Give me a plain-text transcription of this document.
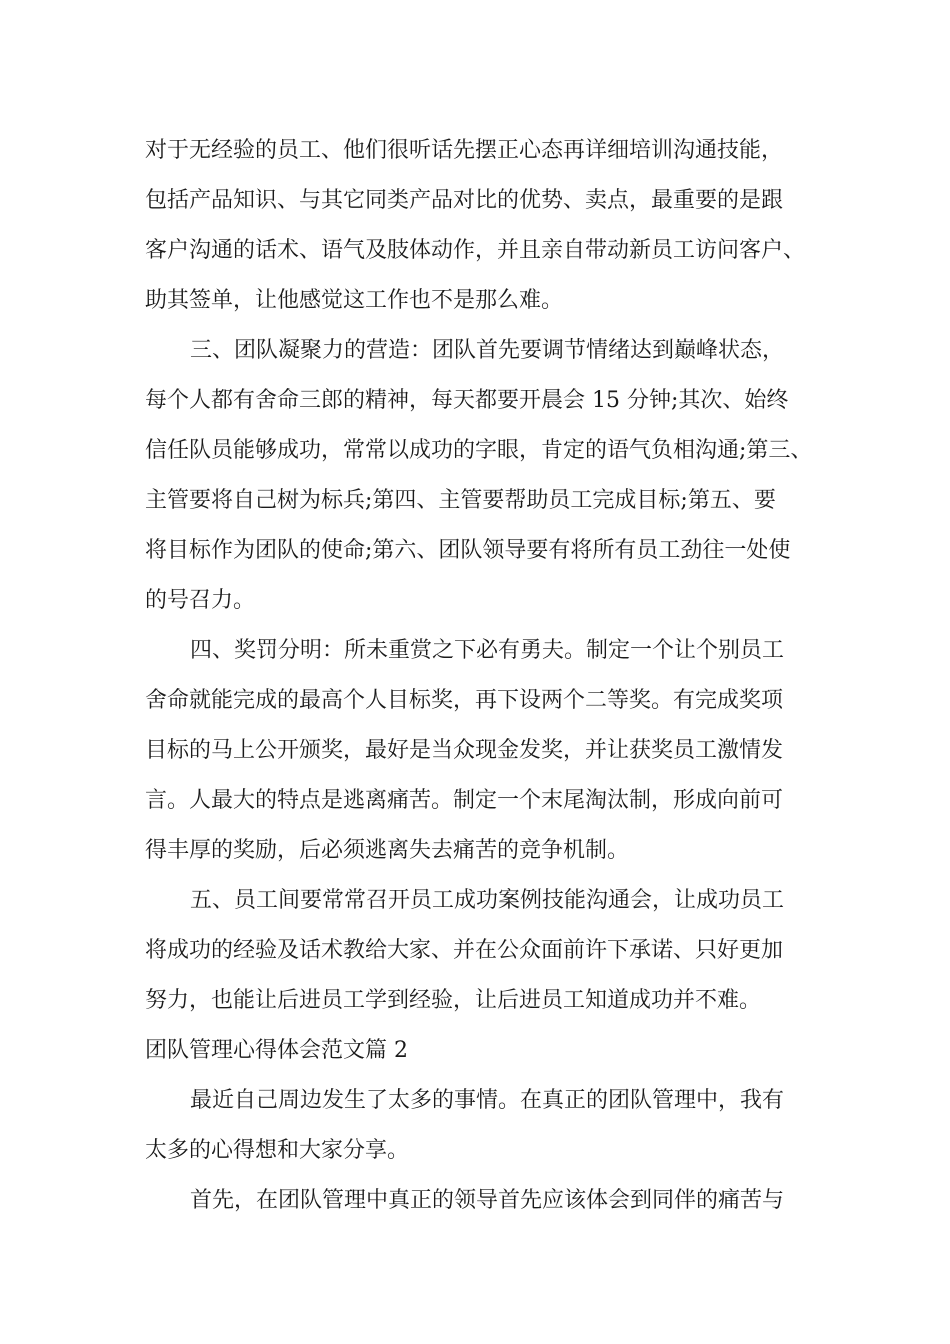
对于无经验的员工、他们很听话先摆正心态再详细培训沟通技能，

包括产品知识、与其它同类产品对比的优势、卖点，最重要的是跟

客户沟通的话术、语气及肢体动作，并且亲自带动新员工访问客户、

助其签单，让他感觉这工作也不是那么难。

三、团队凝聚力的营造：团队首先要调节情绪达到巅峰状态，

每个人都有舍命三郎的精神，每天都要开晨会 15 分钟;其次、始终

信任队员能够成功，常常以成功的字眼，肯定的语气负相沟通;第三、

主管要将自己树为标兵;第四、主管要帮助员工完成目标;第五、要

将目标作为团队的使命;第六、团队领导要有将所有员工劲往一处使

的号召力。

四、奖罚分明：所未重赏之下必有勇夫。制定一个让个别员工

舍命就能完成的最高个人目标奖，再下设两个二等奖。有完成奖项

目标的马上公开颁奖，最好是当众现金发奖，并让获奖员工激情发

言。人最大的特点是逃离痛苦。制定一个末尾淘汰制，形成向前可

得丰厚的奖励，后必须逃离失去痛苦的竞争机制。

五、员工间要常常召开员工成功案例技能沟通会，让成功员工

将成功的经验及话术教给大家、并在公众面前许下承诺、只好更加

努力，也能让后进员工学到经验，让后进员工知道成功并不难。

团队管理心得体会范文篇 2

最近自己周边发生了太多的事情。在真正的团队管理中，我有

太多的心得想和大家分享。

首先，在团队管理中真正的领导首先应该体会到同伴的痛苦与
